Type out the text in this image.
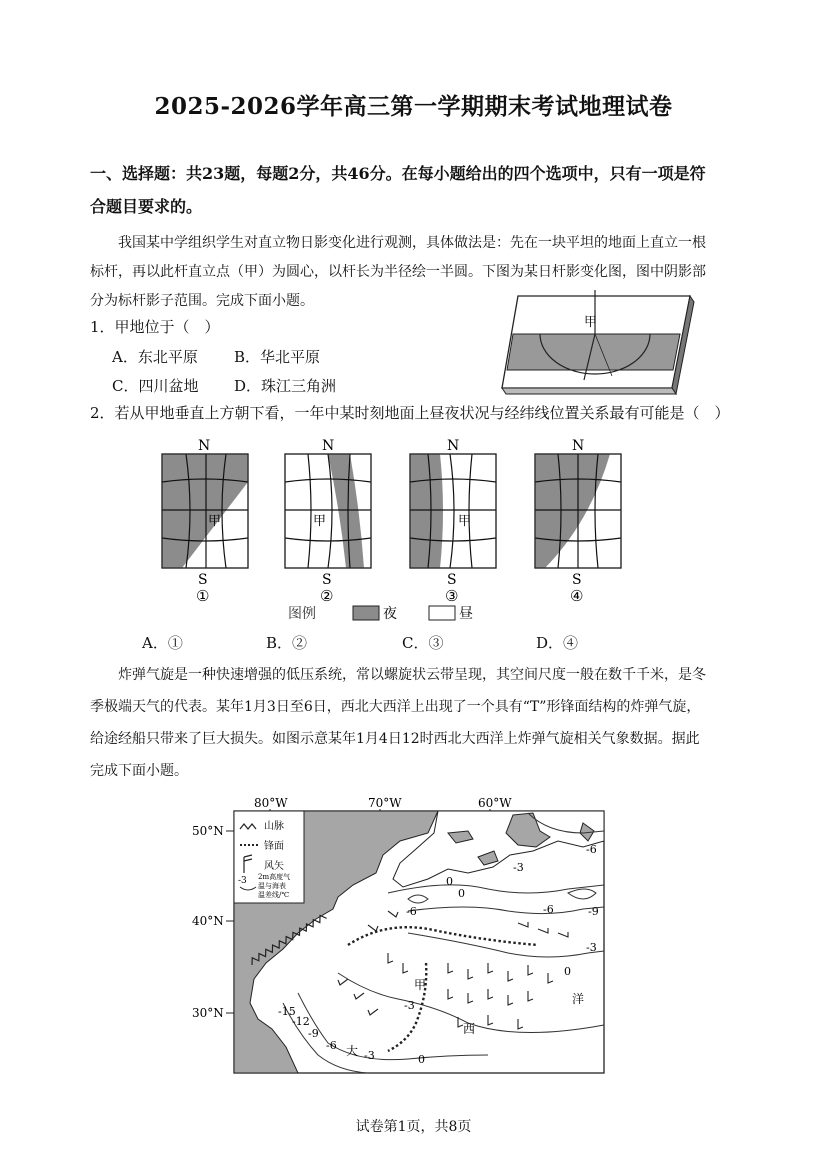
2025-2026学年高三第一学期期末考试地理试卷
一、选择题：共23题，每题2分，共46分。在每小题给出的四个选项中，只有一项是符
合题目要求的。
我国某中学组织学生对直立物日影变化进行观测，具体做法是：先在一块平坦的地面上直立一根
标杆，再以此杆直立点（甲）为圆心，以杆长为半径绘一半圆。下图为某日杆影变化图，图中阴影部
分为标杆影子范围。完成下面小题。
1．甲地位于（　）
A．东北平原 B．华北平原
C．四川盆地 D．珠江三角洲
甲
2．若从甲地垂直上方朝下看，一年中某时刻地面上昼夜状况与经纬线位置关系最有可能是（　）
N
甲
S
①
N
甲
S
②
N
甲
S
③
N
S
④
图例	夜	昼
A．①	B．②	C．③	D．④
炸弹气旋是一种快速增强的低压系统，常以螺旋状云带呈现，其空间尺度一般在数千千米，是冬
季极端天气的代表。某年1月3日至6日，西北大西洋上出现了一个具有“T”形锋面结构的炸弹气旋，
给途经船只带来了巨大损失。如图示意某年1月4日12时西北大西洋上炸弹气旋相关气象数据。据此
完成下面小题。
80°W	70°W	60°W
50°N
40°N
30°N
山脉
锋面
风矢
-3 2m高度气
温与海表
温差线/℃
甲
大
西
洋
-6
-3
0
-6	-9
-3
0
-6
-15
-12
-9
-6
-3	0
-3
0
试卷第1页，共8页
